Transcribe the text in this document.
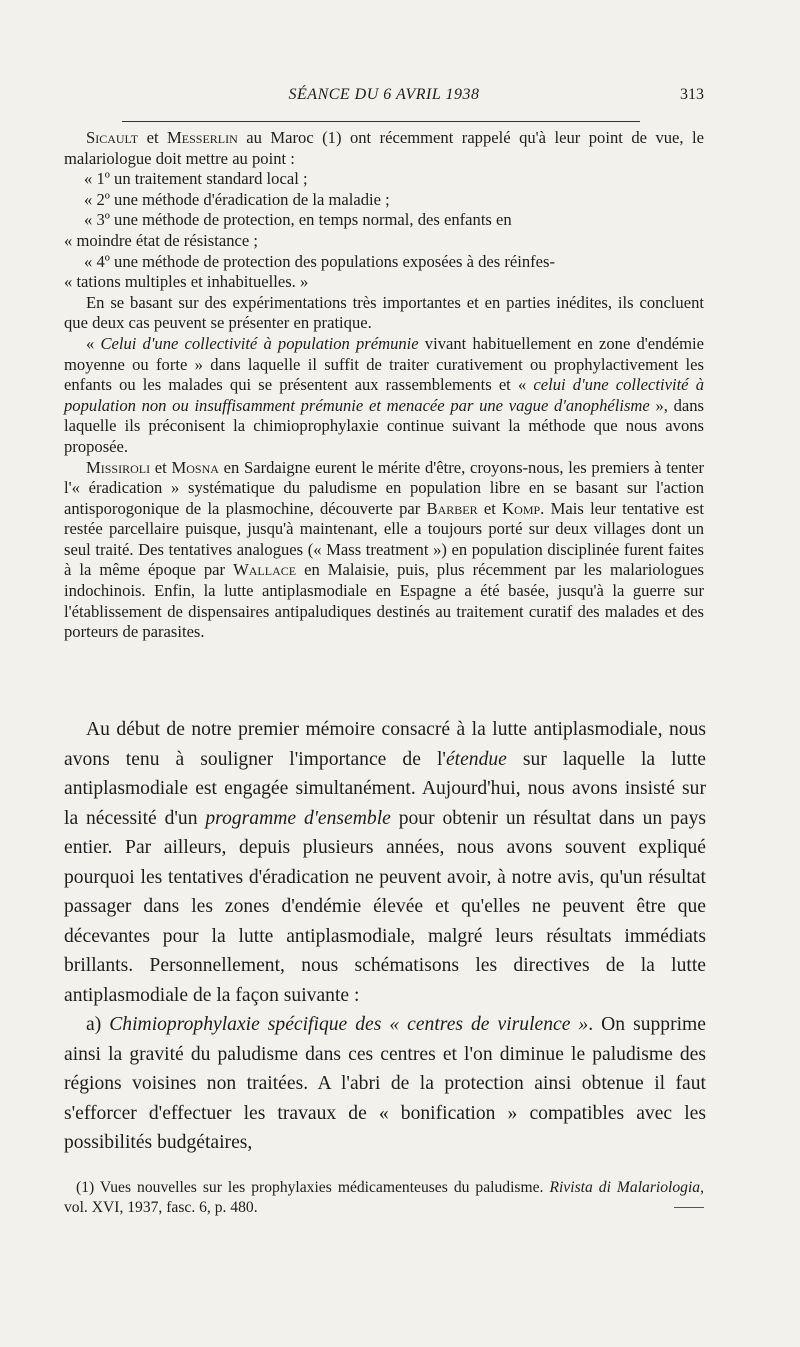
SÉANCE DU 6 AVRIL 1938	313

Sicault et Messerlin au Maroc (1) ont récemment rappelé qu'à leur point de vue, le malariologue doit mettre au point :

« 1º un traitement standard local ;

« 2º une méthode d'éradication de la maladie ;

« 3º une méthode de protection, en temps normal, des enfants en

« moindre état de résistance ;

« 4º une méthode de protection des populations exposées à des réinfes-

« tations multiples et inhabituelles. »

En se basant sur des expérimentations très importantes et en parties inédites, ils concluent que deux cas peuvent se présenter en pratique.

« Celui d'une collectivité à population prémunie vivant habituellement en zone d'endémie moyenne ou forte » dans laquelle il suffit de traiter curativement ou prophylactivement les enfants ou les malades qui se présentent aux rassemblements et « celui d'une collectivité à population non ou insuffisamment prémunie et menacée par une vague d'anophélisme », dans laquelle ils préconisent la chimioprophylaxie continue suivant la méthode que nous avons proposée.

Missiroli et Mosna en Sardaigne eurent le mérite d'être, croyons-nous, les premiers à tenter l'« éradication » systématique du paludisme en population libre en se basant sur l'action antisporogonique de la plasmochine, découverte par Barber et Komp. Mais leur tentative est restée parcellaire puisque, jusqu'à maintenant, elle a toujours porté sur deux villages dont un seul traité. Des tentatives analogues (« Mass treatment ») en population disciplinée furent faites à la même époque par Wallace en Malaisie, puis, plus récemment par les malariologues indochinois. Enfin, la lutte antiplasmodiale en Espagne a été basée, jusqu'à la guerre sur l'établissement de dispensaires antipaludiques destinés au traitement curatif des malades et des porteurs de parasites.

Au début de notre premier mémoire consacré à la lutte antiplasmodiale, nous avons tenu à souligner l'importance de l'étendue sur laquelle la lutte antiplasmodiale est engagée simultanément. Aujourd'hui, nous avons insisté sur la nécessité d'un programme d'ensemble pour obtenir un résultat dans un pays entier. Par ailleurs, depuis plusieurs années, nous avons souvent expliqué pourquoi les tentatives d'éradication ne peuvent avoir, à notre avis, qu'un résultat passager dans les zones d'endémie élevée et qu'elles ne peuvent être que décevantes pour la lutte antiplasmodiale, malgré leurs résultats immédiats brillants. Personnellement, nous schématisons les directives de la lutte antiplasmodiale de la façon suivante :

a) Chimioprophylaxie spécifique des « centres de virulence ». On supprime ainsi la gravité du paludisme dans ces centres et l'on diminue le paludisme des régions voisines non traitées. A l'abri de la protection ainsi obtenue il faut s'efforcer d'effectuer les travaux de « bonification » compatibles avec les possibilités budgétaires,

(1) Vues nouvelles sur les prophylaxies médicamenteuses du paludisme. Rivista di Malariologia, vol. XVI, 1937, fasc. 6, p. 480.
